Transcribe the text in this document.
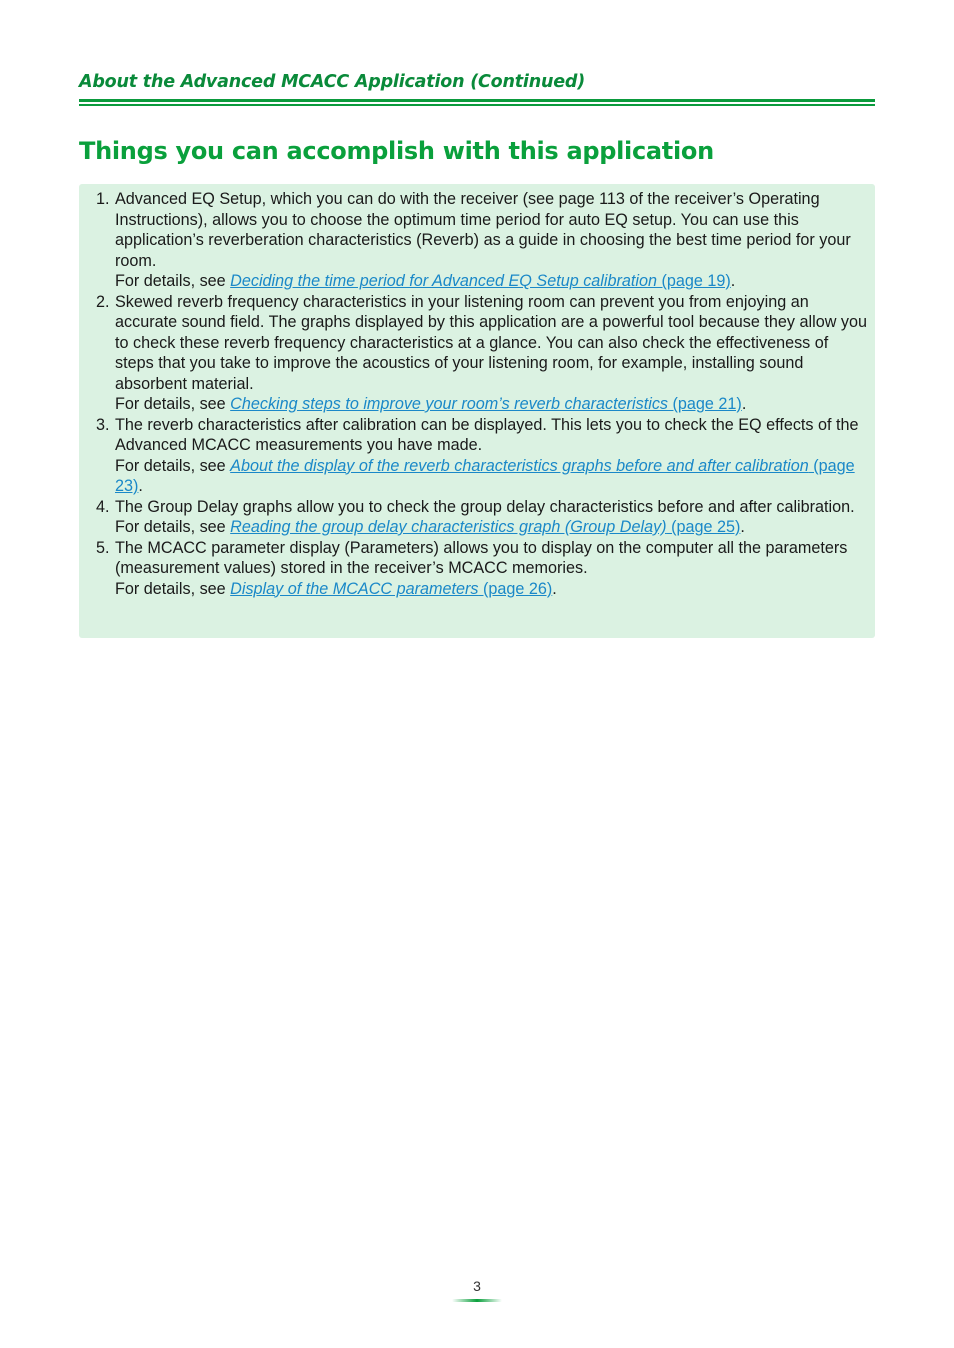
About the Advanced MCACC Application (Continued)
Things you can accomplish with this application
1. Advanced EQ Setup, which you can do with the receiver (see page 113 of the receiver’s Operating Instructions), allows you to choose the optimum time period for auto EQ setup. You can use this application’s reverberation characteristics (Reverb) as a guide in choosing the best time period for your room.
For details, see Deciding the time period for Advanced EQ Setup calibration (page 19).
2. Skewed reverb frequency characteristics in your listening room can prevent you from enjoying an accurate sound field. The graphs displayed by this application are a powerful tool because they allow you to check these reverb frequency characteristics at a glance. You can also check the effectiveness of steps that you take to improve the acoustics of your listening room, for example, installing sound absorbent material.
For details, see Checking steps to improve your room’s reverb characteristics (page 21).
3. The reverb characteristics after calibration can be displayed. This lets you to check the EQ effects of the Advanced MCACC measurements you have made.
For details, see About the display of the reverb characteristics graphs before and after calibration (page 23).
4. The Group Delay graphs allow you to check the group delay characteristics before and after calibration.
For details, see Reading the group delay characteristics graph (Group Delay) (page 25).
5. The MCACC parameter display (Parameters) allows you to display on the computer all the parameters (measurement values) stored in the receiver’s MCACC memories.
For details, see Display of the MCACC parameters (page 26).
3
